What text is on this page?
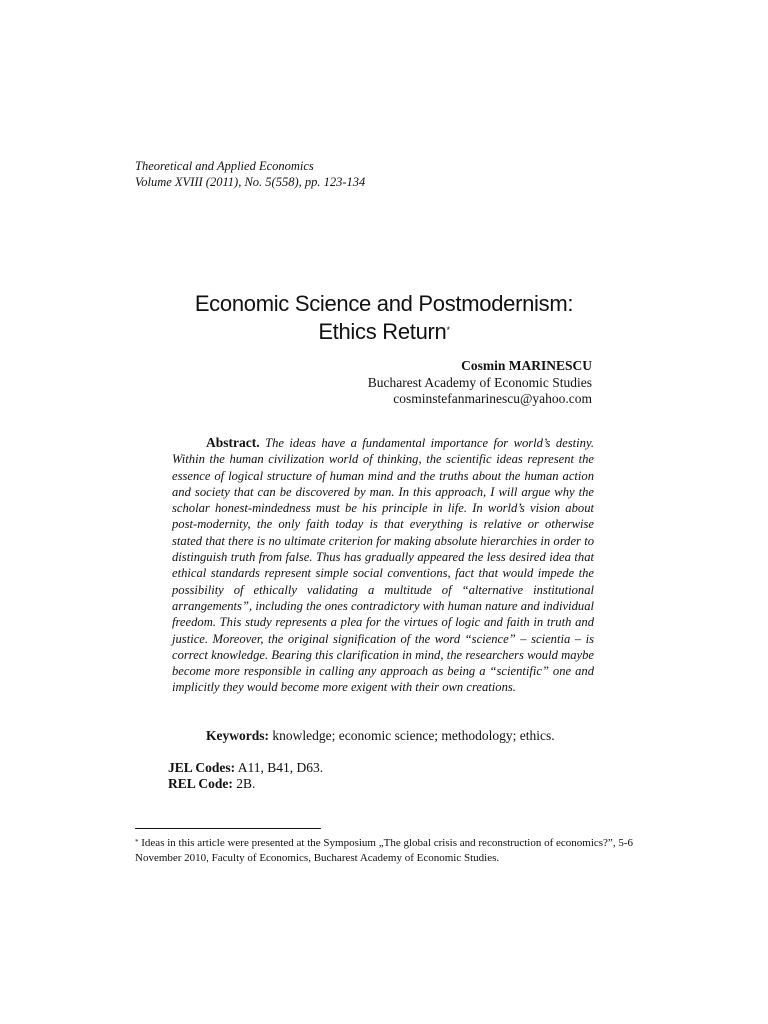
Theoretical and Applied Economics
Volume XVIII (2011), No. 5(558), pp. 123-134
Economic Science and Postmodernism:
Ethics Return*
Cosmin MARINESCU
Bucharest Academy of Economic Studies
cosminstefanmarinescu@yahoo.com
Abstract. The ideas have a fundamental importance for world’s destiny. Within the human civilization world of thinking, the scientific ideas represent the essence of logical structure of human mind and the truths about the human action and society that can be discovered by man. In this approach, I will argue why the scholar honest-mindedness must be his principle in life. In world’s vision about post-modernity, the only faith today is that everything is relative or otherwise stated that there is no ultimate criterion for making absolute hierarchies in order to distinguish truth from false. Thus has gradually appeared the less desired idea that ethical standards represent simple social conventions, fact that would impede the possibility of ethically validating a multitude of “alternative institutional arrangements”, including the ones contradictory with human nature and individual freedom. This study represents a plea for the virtues of logic and faith in truth and justice. Moreover, the original signification of the word “science” – scientia – is correct knowledge. Bearing this clarification in mind, the researchers would maybe become more responsible in calling any approach as being a “scientific” one and implicitly they would become more exigent with their own creations.
Keywords: knowledge; economic science; methodology; ethics.
JEL Codes: A11, B41, D63.
REL Code: 2B.
* Ideas in this article were presented at the Symposium „The global crisis and reconstruction of economics?”, 5-6 November 2010, Faculty of Economics, Bucharest Academy of Economic Studies.
